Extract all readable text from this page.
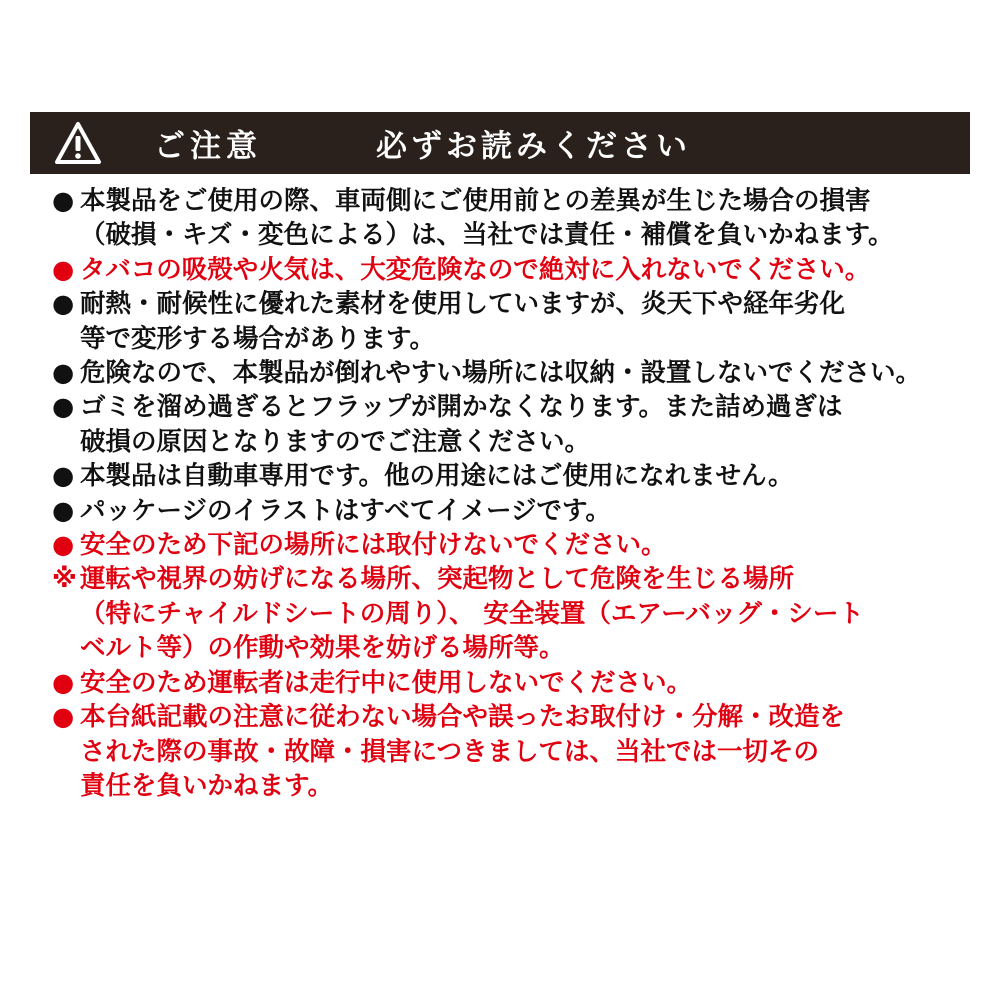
ご注意	必ずお読みください
● 本製品をご使用の際、車両側にご使用前との差異が生じた場合の損害
（破損・キズ・変色による）は、当社では責任・補償を負いかねます。
● タバコの吸殻や火気は、大変危険なので絶対に入れないでください。
● 耐熱・耐候性に優れた素材を使用していますが、炎天下や経年劣化
等で変形する場合があります。
● 危険なので、本製品が倒れやすい場所には収納・設置しないでください。
● ゴミを溜め過ぎるとフラップが開かなくなります。また詰め過ぎは
破損の原因となりますのでご注意ください。
● 本製品は自動車専用です。他の用途にはご使用になれません。
● パッケージのイラストはすべてイメージです。
● 安全のため下記の場所には取付けないでください。
※ 運転や視界の妨げになる場所、突起物として危険を生じる場所
（特にチャイルドシートの周り）、 安全装置（エアーバッグ・シート
ベルト等）の作動や効果を妨げる場所等。
● 安全のため運転者は走行中に使用しないでください。
● 本台紙記載の注意に従わない場合や誤ったお取付け・分解・改造を
された際の事故・故障・損害につきましては、当社では一切その
責任を負いかねます。
